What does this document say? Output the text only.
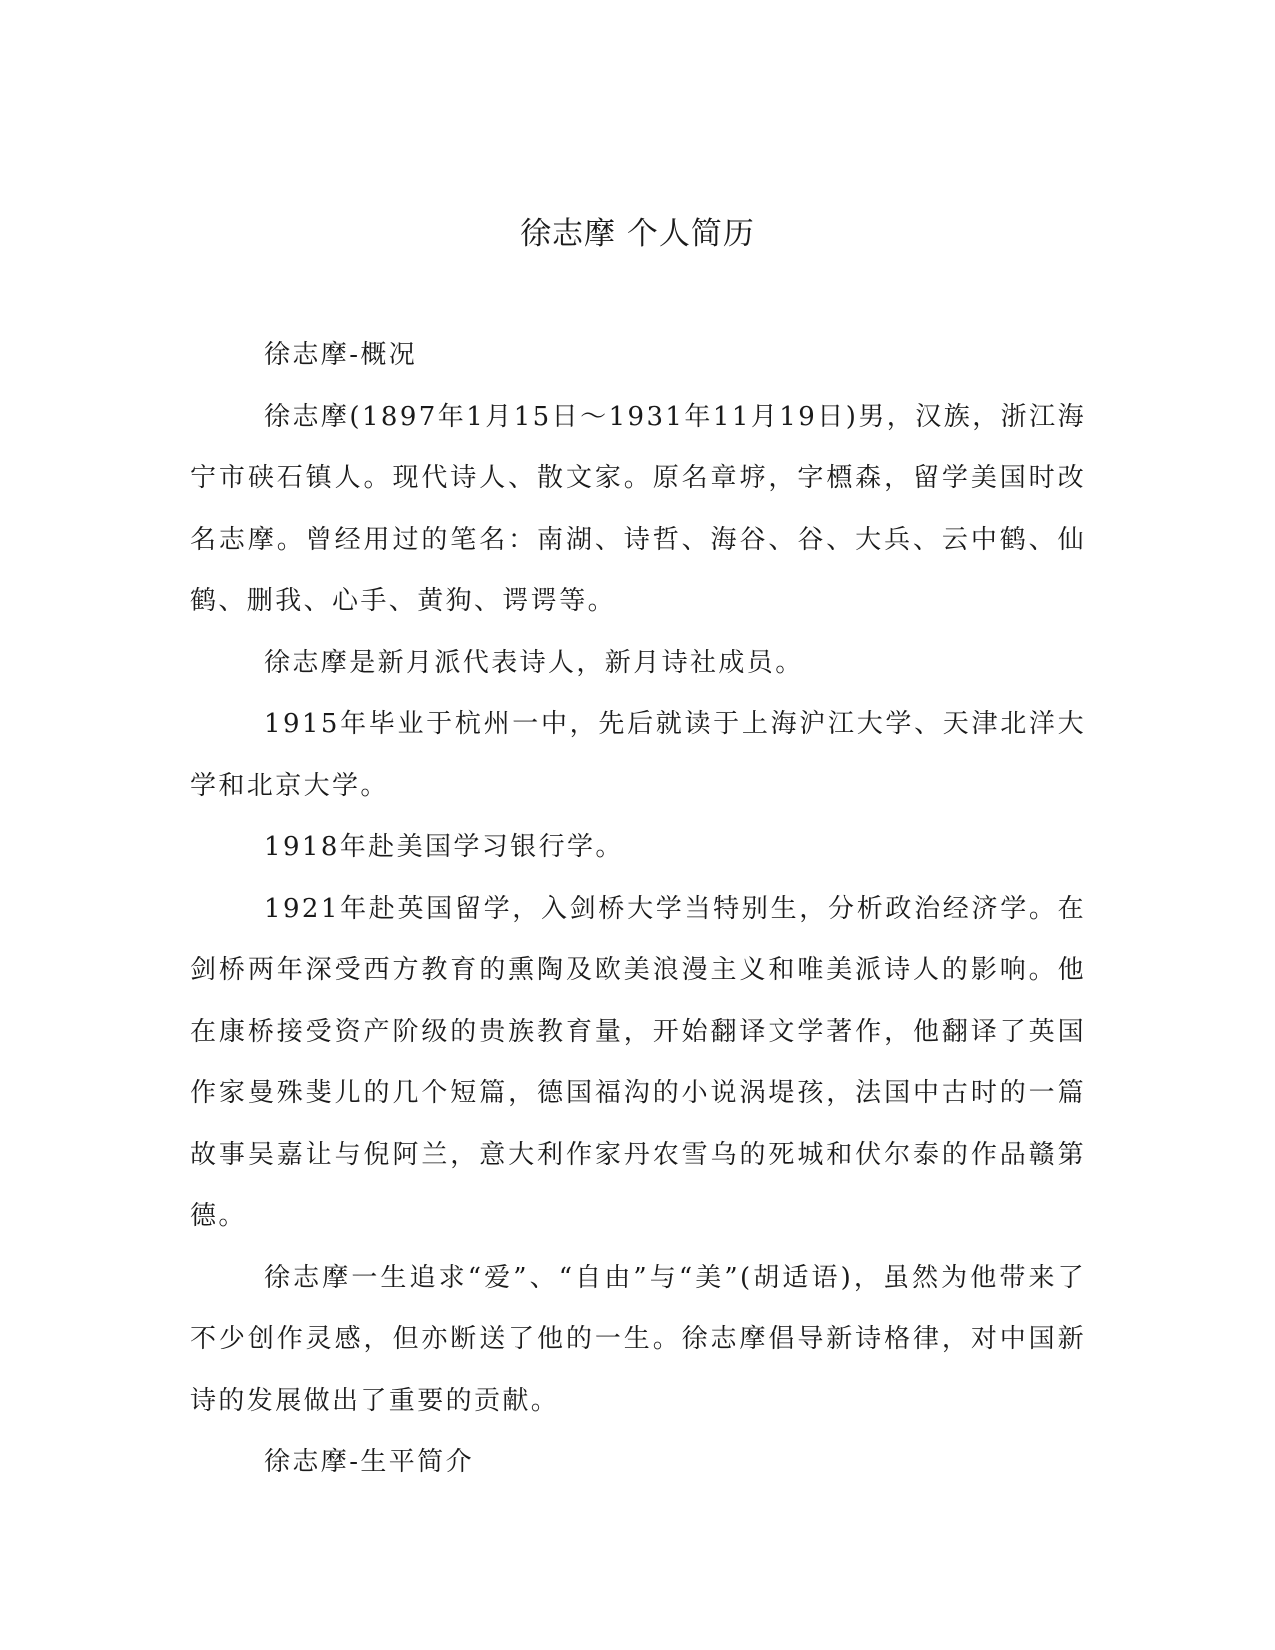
徐志摩 个人简历

徐志摩-概况

徐志摩(1897年1月15日～1931年11月19日)男，汉族，浙江海宁市硖石镇人。现代诗人、散文家。原名章垿，字槱森，留学美国时改名志摩。曾经用过的笔名：南湖、诗哲、海谷、谷、大兵、云中鹤、仙鹤、删我、心手、黄狗、谔谔等。

徐志摩是新月派代表诗人，新月诗社成员。

1915年毕业于杭州一中，先后就读于上海沪江大学、天津北洋大学和北京大学。

1918年赴美国学习银行学。

1921年赴英国留学，入剑桥大学当特别生，分析政治经济学。在剑桥两年深受西方教育的熏陶及欧美浪漫主义和唯美派诗人的影响。他在康桥接受资产阶级的贵族教育量，开始翻译文学著作，他翻译了英国作家曼殊斐儿的几个短篇，德国福沟的小说涡堤孩，法国中古时的一篇故事吴嘉让与倪阿兰，意大利作家丹农雪乌的死城和伏尔泰的作品赣第德。

徐志摩一生追求“爱”、“自由”与“美”(胡适语)，虽然为他带来了不少创作灵感，但亦断送了他的一生。徐志摩倡导新诗格律，对中国新诗的发展做出了重要的贡献。

徐志摩-生平简介
